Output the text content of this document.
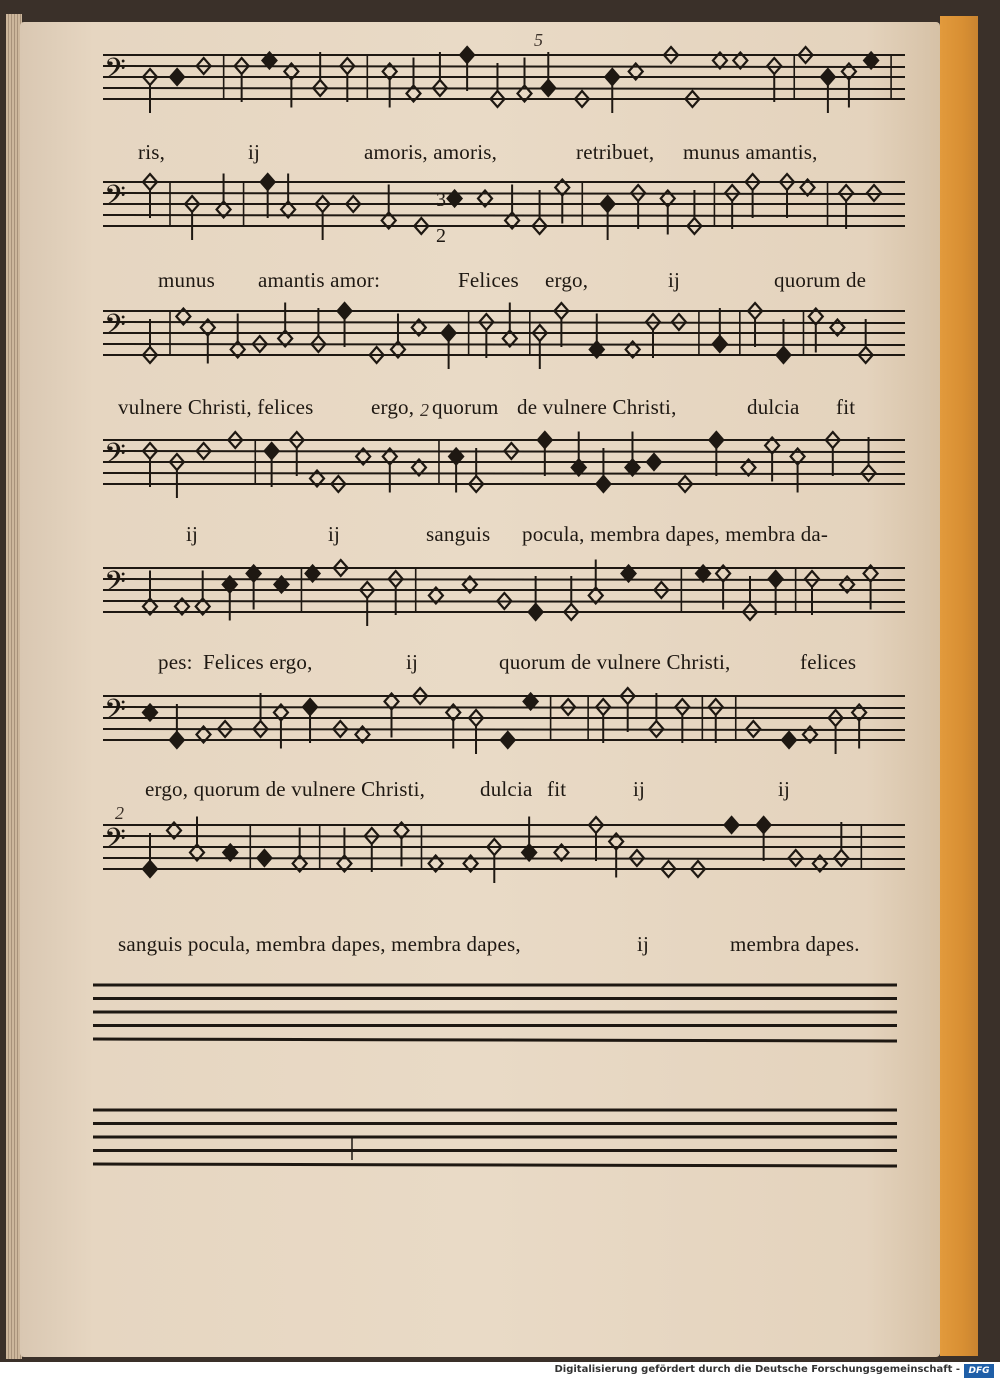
𝄢
𝄢
𝄢
𝄢
𝄢
𝄢
𝄢
3
2
ris,	ij	amoris, amoris,	retribuet, munus amantis,
munus amantis amor:	Felices ergo,	ij	quorum de
vulnere Christi, felices	ergo, quorum de vulnere Christi,	dulcia fit
ij	ij	sanguis pocula, membra dapes, membra da-
pes: Felices ergo,	ij	quorum de vulnere Christi,	felices
ergo, quorum de vulnere Christi,	dulcia fit	ij	ij
sanguis pocula, membra dapes, membra dapes,	ij	membra dapes.
5
2
2
Digitalisierung gefördert durch die Deutsche Forschungsgemeinschaft - DFG
